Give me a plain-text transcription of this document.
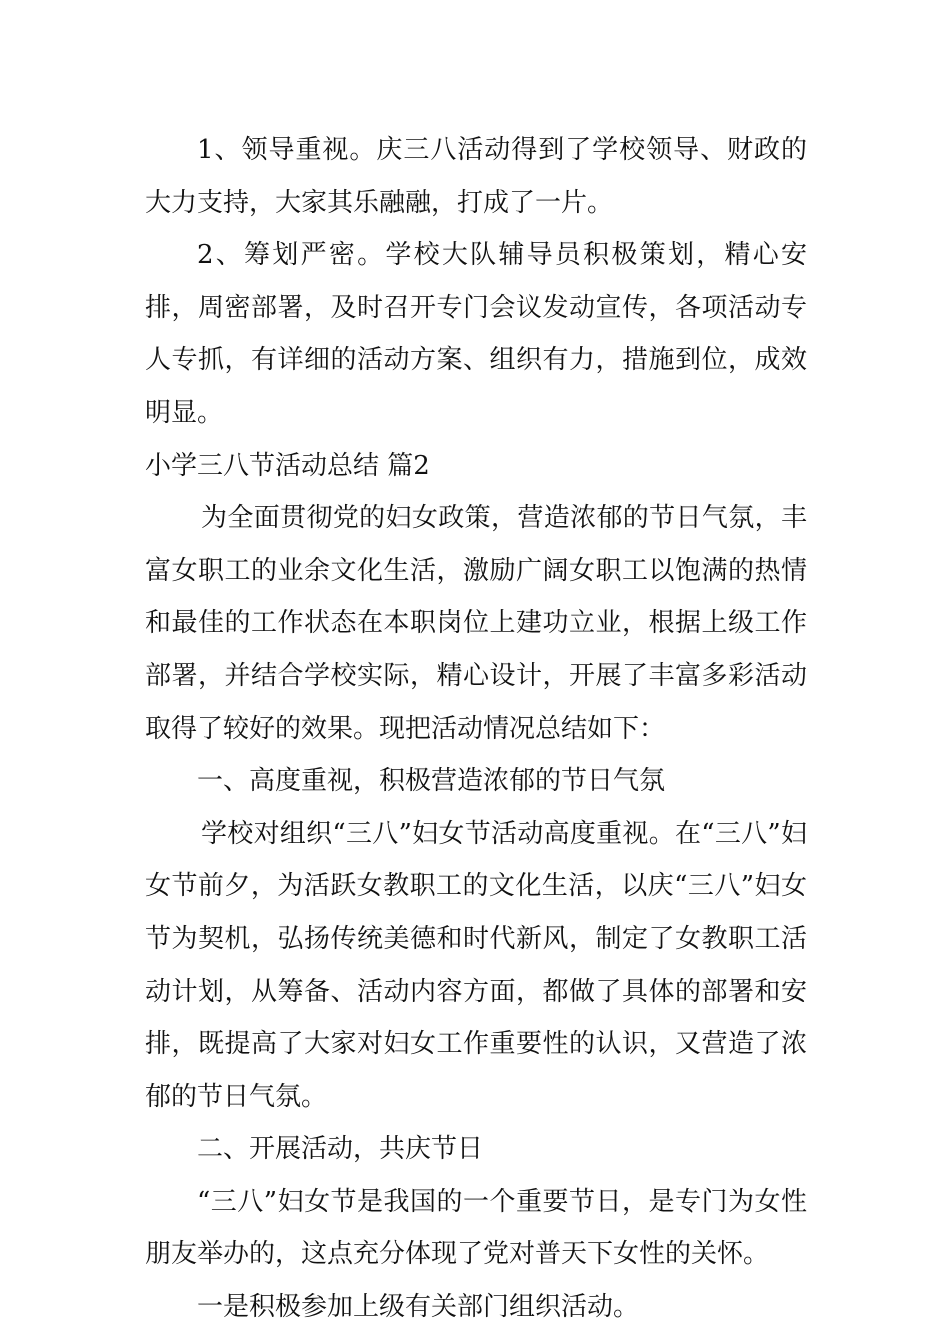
1、领导重视。庆三八活动得到了学校领导、财政的大力支持，大家其乐融融，打成了一片。

2、筹划严密。学校大队辅导员积极策划，精心安排，周密部署，及时召开专门会议发动宣传，各项活动专人专抓，有详细的活动方案、组织有力，措施到位，成效明显。

小学三八节活动总结 篇2

为全面贯彻党的妇女政策，营造浓郁的节日气氛，丰富女职工的业余文化生活，激励广阔女职工以饱满的热情和最佳的工作状态在本职岗位上建功立业，根据上级工作部署，并结合学校实际，精心设计，开展了丰富多彩活动取得了较好的效果。现把活动情况总结如下：

一、高度重视，积极营造浓郁的节日气氛

学校对组织“三八”妇女节活动高度重视。在“三八”妇女节前夕，为活跃女教职工的文化生活，以庆“三八”妇女节为契机，弘扬传统美德和时代新风，制定了女教职工活动计划，从筹备、活动内容方面，都做了具体的部署和安排，既提高了大家对妇女工作重要性的认识，又营造了浓郁的节日气氛。

二、开展活动，共庆节日

“三八”妇女节是我国的一个重要节日，是专门为女性朋友举办的，这点充分体现了党对普天下女性的关怀。

一是积极参加上级有关部门组织活动。
